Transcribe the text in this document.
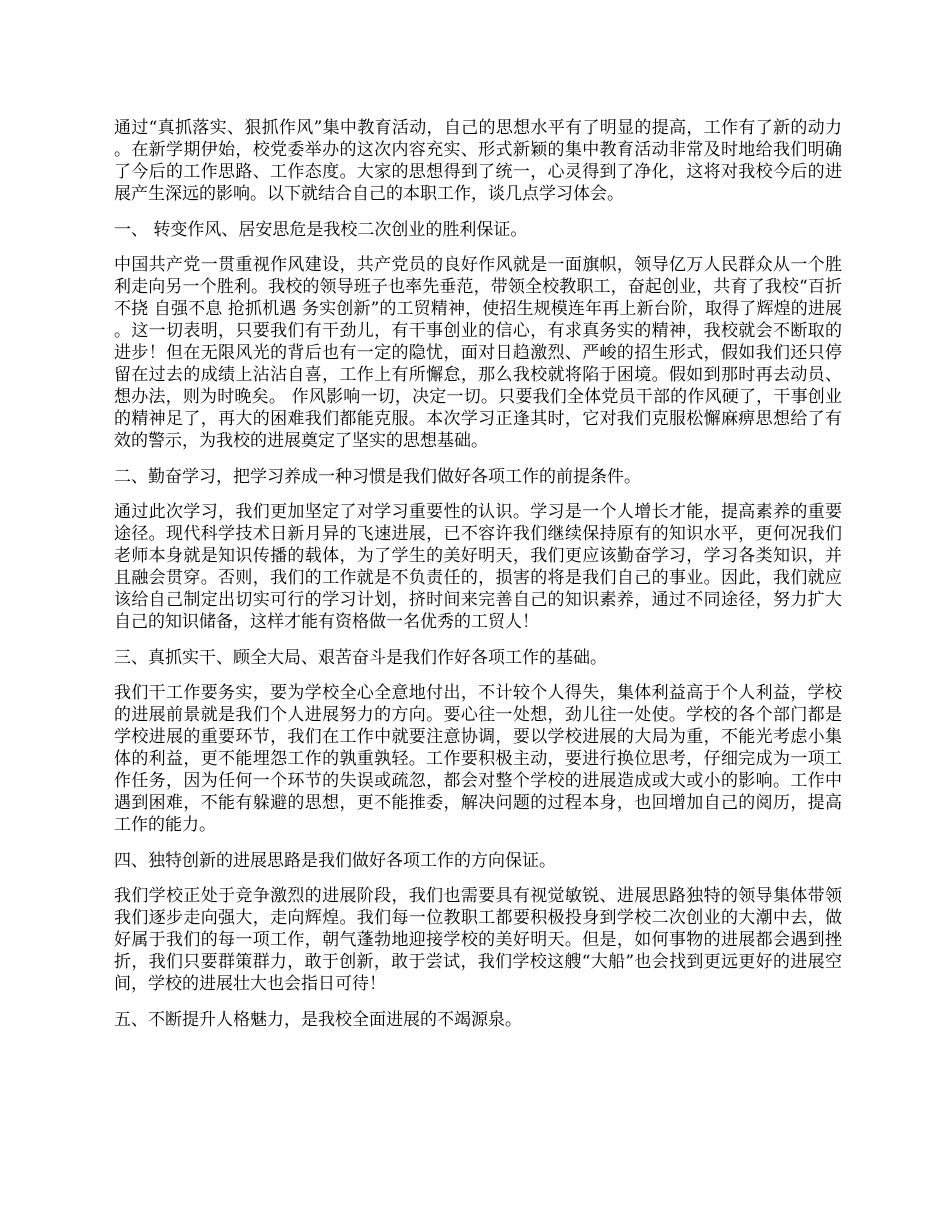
通过“真抓落实、狠抓作风”集中教育活动，自己的思想水平有了明显的提高，工作有了新的动力。在新学期伊始，校党委举办的这次内容充实、形式新颖的集中教育活动非常及时地给我们明确了今后的工作思路、工作态度。大家的思想得到了统一，心灵得到了净化，这将对我校今后的进展产生深远的影响。以下就结合自己的本职工作，谈几点学习体会。

一、 转变作风、居安思危是我校二次创业的胜利保证。

中国共产党一贯重视作风建设，共产党员的良好作风就是一面旗帜，领导亿万人民群众从一个胜利走向另一个胜利。我校的领导班子也率先垂范，带领全校教职工，奋起创业，共育了我校“百折不挠 自强不息 抢抓机遇 务实创新”的工贸精神，使招生规模连年再上新台阶，取得了辉煌的进展。这一切表明，只要我们有干劲儿，有干事创业的信心，有求真务实的精神，我校就会不断取的进步！但在无限风光的背后也有一定的隐忧，面对日趋激烈、严峻的招生形式，假如我们还只停留在过去的成绩上沾沾自喜，工作上有所懈怠，那么我校就将陷于困境。假如到那时再去动员、想办法，则为时晚矣。 作风影响一切，决定一切。只要我们全体党员干部的作风硬了，干事创业的精神足了，再大的困难我们都能克服。本次学习正逢其时，它对我们克服松懈麻痹思想给了有效的警示，为我校的进展奠定了坚实的思想基础。

二、勤奋学习，把学习养成一种习惯是我们做好各项工作的前提条件。

通过此次学习，我们更加坚定了对学习重要性的认识。学习是一个人增长才能，提高素养的重要途径。现代科学技术日新月异的飞速进展，已不容许我们继续保持原有的知识水平，更何况我们老师本身就是知识传播的载体，为了学生的美好明天，我们更应该勤奋学习，学习各类知识，并且融会贯穿。否则，我们的工作就是不负责任的，损害的将是我们自己的事业。因此，我们就应该给自己制定出切实可行的学习计划，挤时间来完善自己的知识素养，通过不同途径，努力扩大自己的知识储备，这样才能有资格做一名优秀的工贸人！

三、真抓实干、顾全大局、艰苦奋斗是我们作好各项工作的基础。

我们干工作要务实，要为学校全心全意地付出，不计较个人得失，集体利益高于个人利益，学校的进展前景就是我们个人进展努力的方向。要心往一处想，劲儿往一处使。学校的各个部门都是学校进展的重要环节，我们在工作中就要注意协调，要以学校进展的大局为重，不能光考虑小集体的利益，更不能埋怨工作的孰重孰轻。工作要积极主动，要进行换位思考，仔细完成为一项工作任务，因为任何一个环节的失误或疏忽，都会对整个学校的进展造成或大或小的影响。工作中遇到困难，不能有躲避的思想，更不能推委，解决问题的过程本身，也回增加自己的阅历，提高工作的能力。

四、独特创新的进展思路是我们做好各项工作的方向保证。

我们学校正处于竞争激烈的进展阶段，我们也需要具有视觉敏锐、进展思路独特的领导集体带领我们逐步走向强大，走向辉煌。我们每一位教职工都要积极投身到学校二次创业的大潮中去，做好属于我们的每一项工作，朝气蓬勃地迎接学校的美好明天。但是，如何事物的进展都会遇到挫折，我们只要群策群力，敢于创新，敢于尝试，我们学校这艘“大船”也会找到更远更好的进展空间，学校的进展壮大也会指日可待！

五、不断提升人格魅力，是我校全面进展的不竭源泉。
